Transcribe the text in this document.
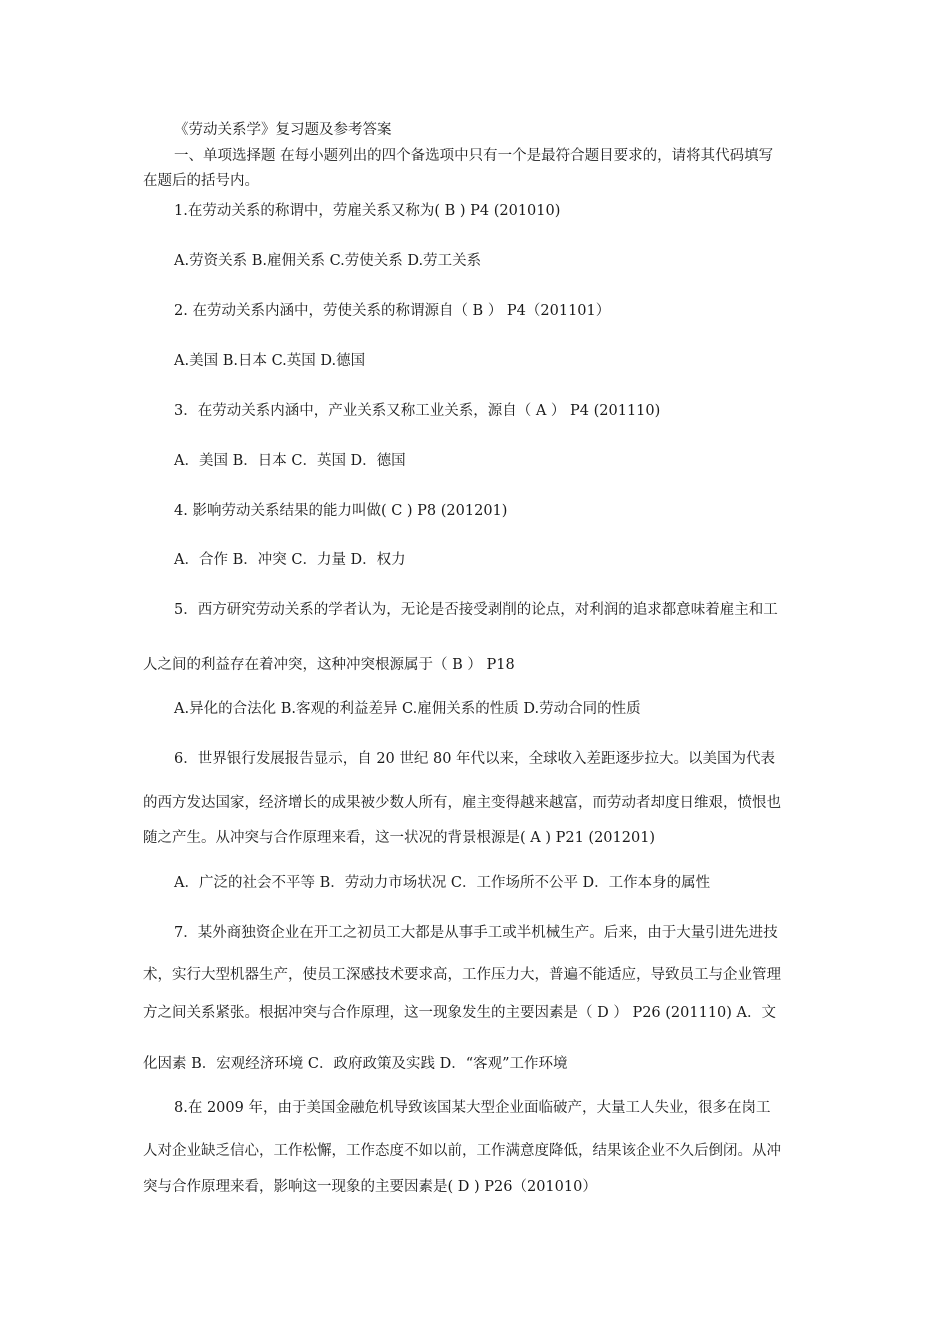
《劳动关系学》复习题及参考答案
一、单项选择题 在每小题列出的四个备选项中只有一个是最符合题目要求的，请将其代码填写
在题后的括号内。
1.在劳动关系的称谓中，劳雇关系又称为( B ) P4 (201010)
A.劳资关系 B.雇佣关系 C.劳使关系 D.劳工关系
2. 在劳动关系内涵中，劳使关系的称谓源自（ B ） P4（201101）
A.美国 B.日本 C.英国 D.德国
3．在劳动关系内涵中，产业关系又称工业关系，源自（ A ） P4 (201110)
A．美国 B．日本 C．英国 D．德国
4. 影响劳动关系结果的能力叫做( C ) P8 (201201)
A．合作 B．冲突 C．力量 D．权力
5．西方研究劳动关系的学者认为，无论是否接受剥削的论点，对利润的追求都意味着雇主和工
人之间的利益存在着冲突，这种冲突根源属于（ B ） P18
A.异化的合法化 B.客观的利益差异 C.雇佣关系的性质 D.劳动合同的性质
6．世界银行发展报告显示，自 20 世纪 80 年代以来，全球收入差距逐步拉大。以美国为代表
的西方发达国家，经济增长的成果被少数人所有，雇主变得越来越富，而劳动者却度日维艰，愤恨也
随之产生。从冲突与合作原理来看，这一状况的背景根源是( A ) P21 (201201)
A．广泛的社会不平等 B．劳动力市场状况 C．工作场所不公平 D．工作本身的属性
7．某外商独资企业在开工之初员工大都是从事手工或半机械生产。后来，由于大量引进先进技
术，实行大型机器生产，使员工深感技术要求高，工作压力大，普遍不能适应，导致员工与企业管理
方之间关系紧张。根据冲突与合作原理，这一现象发生的主要因素是（ D ） P26 (201110) A．文
化因素 B．宏观经济环境 C．政府政策及实践 D．“客观”工作环境
8.在 2009 年，由于美国金融危机导致该国某大型企业面临破产，大量工人失业，很多在岗工
人对企业缺乏信心，工作松懈，工作态度不如以前，工作满意度降低，结果该企业不久后倒闭。从冲
突与合作原理来看，影响这一现象的主要因素是( D ) P26（201010）
